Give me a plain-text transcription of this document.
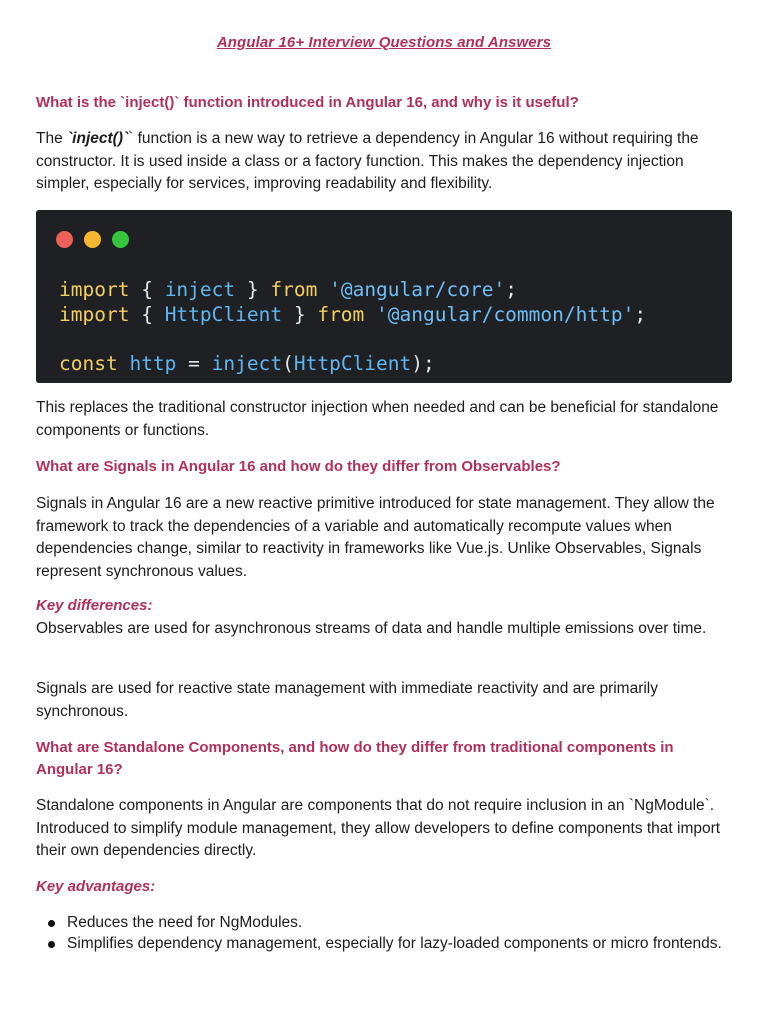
Angular 16+ Interview Questions and Answers
What is the `inject()` function introduced in Angular 16, and why is it useful?
The `inject()`` function is a new way to retrieve a dependency in Angular 16 without requiring the constructor. It is used inside a class or a factory function. This makes the dependency injection simpler, especially for services, improving readability and flexibility.
import { inject } from '@angular/core';
import { HttpClient } from '@angular/common/http';
const http = inject(HttpClient);
This replaces the traditional constructor injection when needed and can be beneficial for standalone components or functions.
What are Signals in Angular 16 and how do they differ from Observables?
Signals in Angular 16 are a new reactive primitive introduced for state management. They allow the framework to track the dependencies of a variable and automatically recompute values when dependencies change, similar to reactivity in frameworks like Vue.js. Unlike Observables, Signals represent synchronous values.
Key differences:
Observables are used for asynchronous streams of data and handle multiple emissions over time.
Signals are used for reactive state management with immediate reactivity and are primarily synchronous.
What are Standalone Components, and how do they differ from traditional components in Angular 16?
Standalone components in Angular are components that do not require inclusion in an `NgModule`. Introduced to simplify module management, they allow developers to define components that import their own dependencies directly.
Key advantages:
Reduces the need for NgModules.
Simplifies dependency management, especially for lazy-loaded components or micro frontends.
